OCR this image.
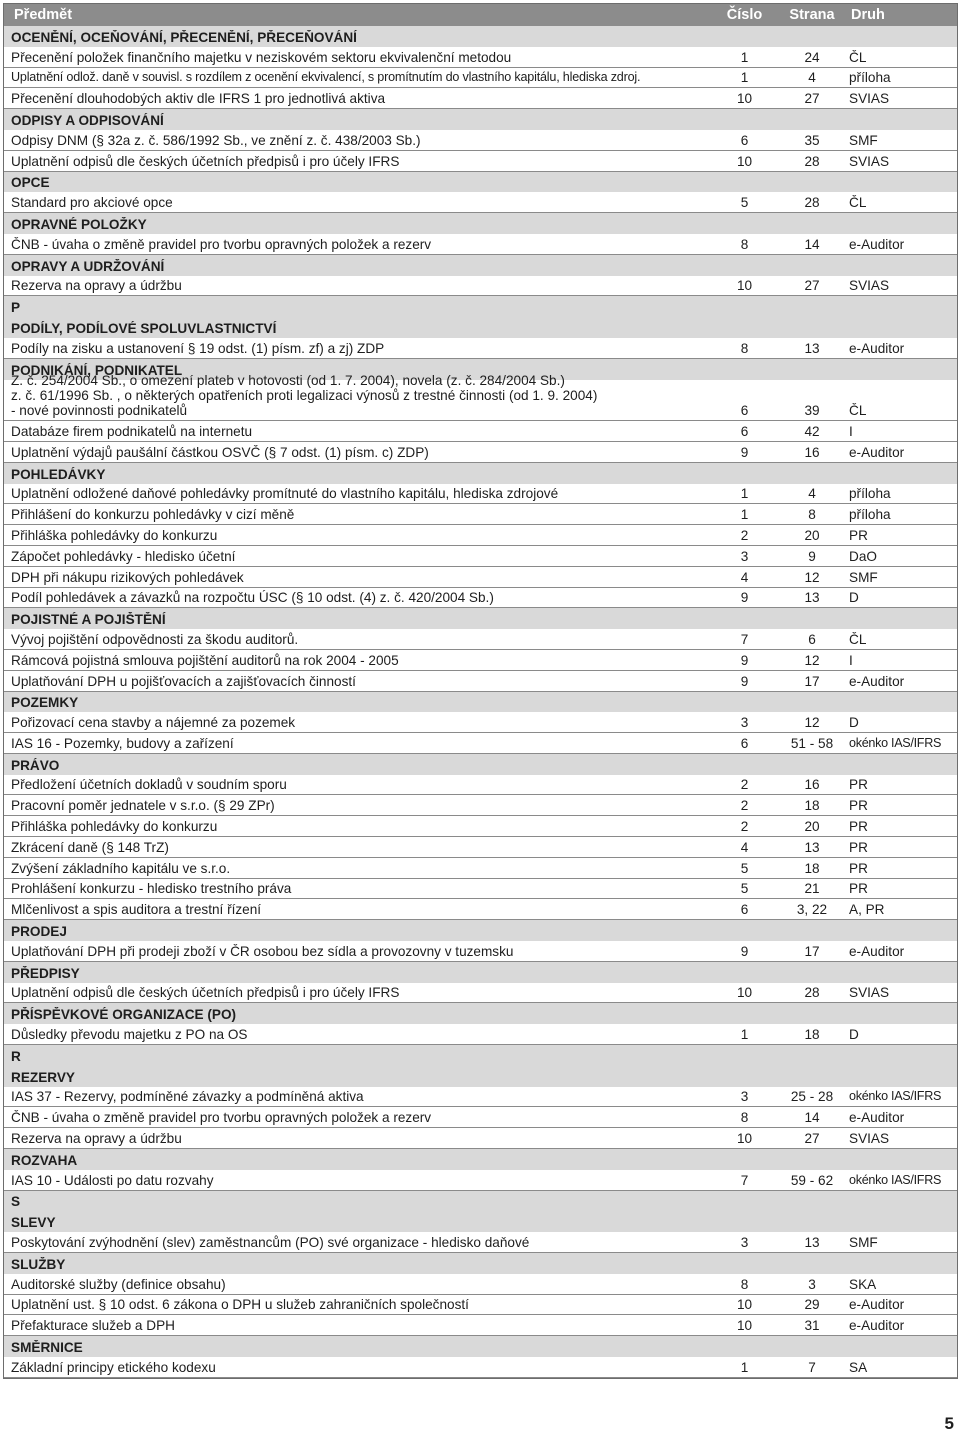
Předmět	Číslo	Strana	Druh
OCENĚNÍ, OCEŇOVÁNÍ, PŘECENĚNÍ, PŘECEŇOVÁNÍ
Přecenění položek finančního majetku v neziskovém sektoru ekvivalenční metodou	1	24	ČL
Uplatnění odlož. daně v souvisl. s rozdílem z ocenění ekvivalencí, s promítnutím do vlastního kapitálu, hlediska zdroj.	1	4	příloha
Přecenění dlouhodobých aktiv dle IFRS 1 pro jednotlivá aktiva	10	27	SVIAS
ODPISY A ODPISOVÁNÍ
Odpisy DNM (§ 32a z. č. 586/1992 Sb., ve znění z. č. 438/2003 Sb.)	6	35	SMF
Uplatnění odpisů dle českých účetních předpisů i pro účely IFRS	10	28	SVIAS
OPCE
Standard pro akciové opce	5	28	ČL
OPRAVNÉ POLOŽKY
ČNB - úvaha o změně pravidel pro tvorbu opravných položek a rezerv	8	14	e-Auditor
OPRAVY A UDRŽOVÁNÍ
Rezerva na opravy a údržbu	10	27	SVIAS
P
PODÍLY, PODÍLOVÉ SPOLUVLASTNICTVÍ
Podíly na zisku a ustanovení § 19 odst. (1) písm. zf) a zj) ZDP	8	13	e-Auditor
PODNIKÁNÍ, PODNIKATEL
Z. č. 254/2004 Sb., o omezení plateb v hotovosti (od 1. 7. 2004), novela (z. č. 284/2004 Sb.)
z. č. 61/1996 Sb. , o některých opatřeních proti legalizaci výnosů z trestné činnosti (od 1. 9. 2004)
- nové povinnosti podnikatelů	6	39	ČL
Databáze firem podnikatelů na internetu	6	42	I
Uplatnění výdajů paušální částkou OSVČ (§ 7 odst. (1) písm. c) ZDP)	9	16	e-Auditor
POHLEDÁVKY
Uplatnění odložené daňové pohledávky promítnuté do vlastního kapitálu, hlediska zdrojové	1	4	příloha
Přihlášení do konkurzu pohledávky v cizí měně	1	8	příloha
Přihláška pohledávky do konkurzu	2	20	PR
Zápočet pohledávky - hledisko účetní	3	9	DaO
DPH při nákupu rizikových pohledávek	4	12	SMF
Podíl pohledávek a závazků na rozpočtu ÚSC (§ 10 odst. (4) z. č. 420/2004 Sb.)	9	13	D
POJISTNÉ A POJIŠTĚNÍ
Vývoj pojištění odpovědnosti za škodu auditorů.	7	6	ČL
Rámcová pojistná smlouva pojištění auditorů na rok 2004 - 2005	9	12	I
Uplatňování DPH u pojišťovacích a zajišťovacích činností	9	17	e-Auditor
POZEMKY
Pořizovací cena stavby a nájemné za pozemek	3	12	D
IAS 16 - Pozemky, budovy a zařízení	6	51 - 58	okénko IAS/IFRS
PRÁVO
Předložení účetních dokladů v soudním sporu	2	16	PR
Pracovní poměr jednatele v s.r.o. (§ 29 ZPr)	2	18	PR
Přihláška pohledávky do konkurzu	2	20	PR
Zkrácení daně (§ 148 TrZ)	4	13	PR
Zvýšení základního kapitálu ve s.r.o.	5	18	PR
Prohlášení konkurzu - hledisko trestního práva	5	21	PR
Mlčenlivost a spis auditora a trestní řízení	6	3, 22	A, PR
PRODEJ
Uplatňování DPH při prodeji zboží v ČR osobou bez sídla a provozovny v tuzemsku	9	17	e-Auditor
PŘEDPISY
Uplatnění odpisů dle českých účetních předpisů i pro účely IFRS	10	28	SVIAS
PŘÍSPĚVKOVÉ ORGANIZACE (PO)
Důsledky převodu majetku z PO na OS	1	18	D
R
REZERVY
IAS 37 - Rezervy, podmíněné závazky a podmíněná aktiva	3	25 - 28	okénko IAS/IFRS
ČNB - úvaha o změně pravidel pro tvorbu opravných položek a rezerv	8	14	e-Auditor
Rezerva na opravy a údržbu	10	27	SVIAS
ROZVAHA
IAS 10 - Události po datu rozvahy	7	59 - 62	okénko IAS/IFRS
S
SLEVY
Poskytování zvýhodnění (slev) zaměstnancům (PO) své organizace - hledisko daňové	3	13	SMF
SLUŽBY
Auditorské služby (definice obsahu)	8	3	SKA
Uplatnění ust. § 10 odst. 6 zákona o DPH u služeb zahraničních společností	10	29	e-Auditor
Přefakturace služeb a DPH	10	31	e-Auditor
SMĚRNICE
Základní principy etického kodexu	1	7	SA
5
